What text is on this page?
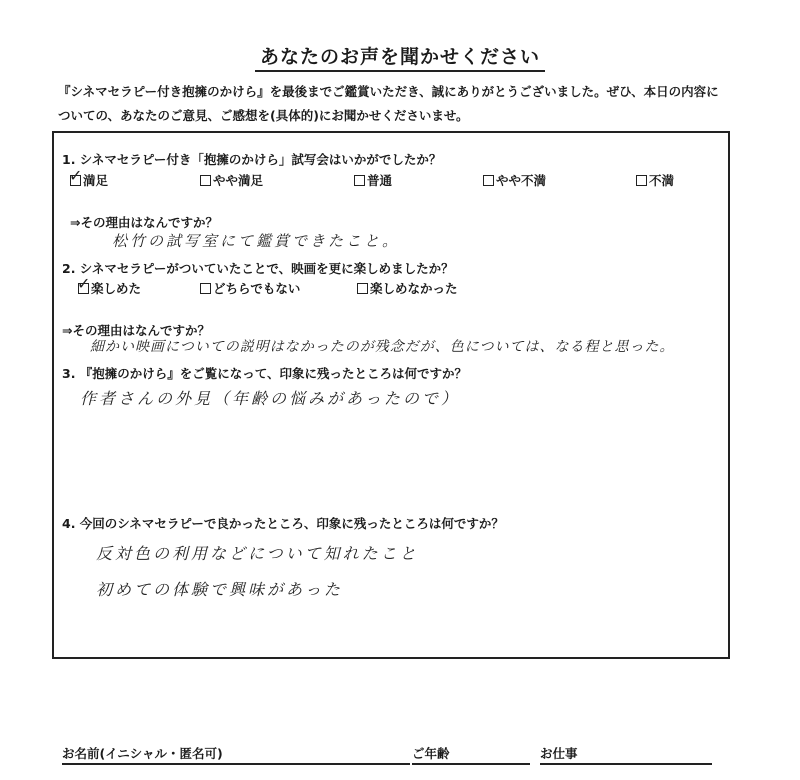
あなたのお声を聞かせください
『シネマセラピー付き抱擁のかけら』を最後までご鑑賞いただき、誠にありがとうございました。ぜひ、本日の内容に
ついての、あなたのご意見、ご感想を(具体的)にお聞かせくださいませ。
1. シネマセラピー付き「抱擁のかけら」試写会はいかがでしたか？
✓ 満足	やや満足	普通	やや不満	不満
⇒その理由はなんですか？
松竹の試写室にて鑑賞できたこと。
2. シネマセラピーがついていたことで、映画を更に楽しめましたか？
✓ 楽しめた	どちらでもない	楽しめなかった
⇒その理由はなんですか？
細かい映画についての説明はなかったのが残念だが、色については、なる程と思った。
3. 『抱擁のかけら』をご覧になって、印象に残ったところは何ですか？
作者さんの外見（年齢の悩みがあったので）
4. 今回のシネマセラピーで良かったところ、印象に残ったところは何ですか？
反対色の利用などについて知れたこと
初めての体験で興味があった
お名前(イニシャル・匿名可)	ご年齢	お仕事
